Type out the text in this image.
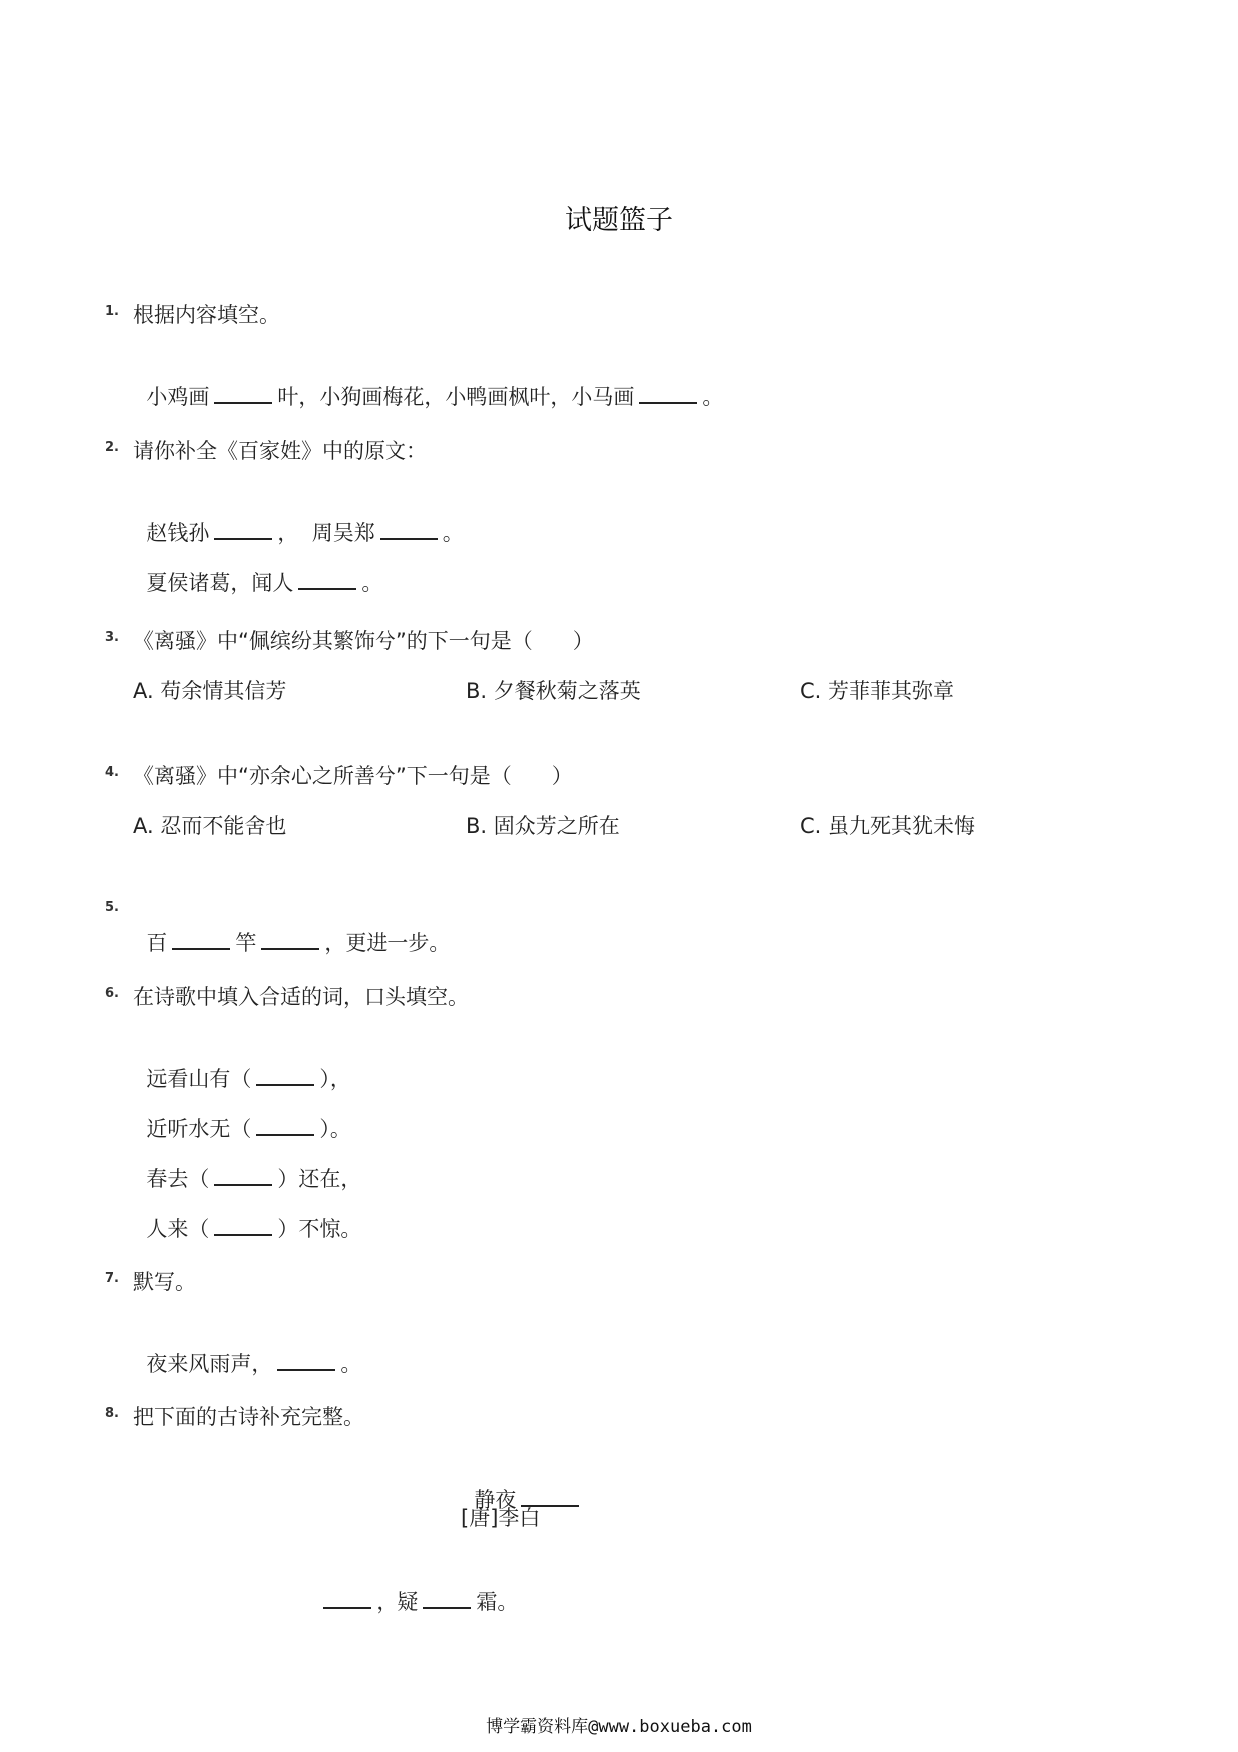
试题篮子
1. 根据内容填空。

小鸡画	叶，小狗画梅花，小鸭画枫叶，小马画	。

2. 请你补全《百家姓》中的原文：

赵钱孙	，  周吴郑	。

夏侯诸葛，闻人	。

3. 《离骚》中“佩缤纷其繁饰兮”的下一句是（      ）
A. 苟余情其信芳	B. 夕餐秋菊之落英	C. 芳菲菲其弥章
4. 《离骚》中“亦余心之所善兮”下一句是（      ）
A. 忍而不能舍也	B. 固众芳之所在	C. 虽九死其犹未悔
5.

百	竿	，更进一步。

6. 在诗歌中填入合适的词，口头填空。

远看山有（	），

近听水无（	）。

春去（	）还在，

人来（	）不惊。

7. 默写。

夜来风雨声，	。

8. 把下面的古诗补充完整。

静夜

[唐]李白

，疑	霜。

博学霸资料库@www.boxueba.com
